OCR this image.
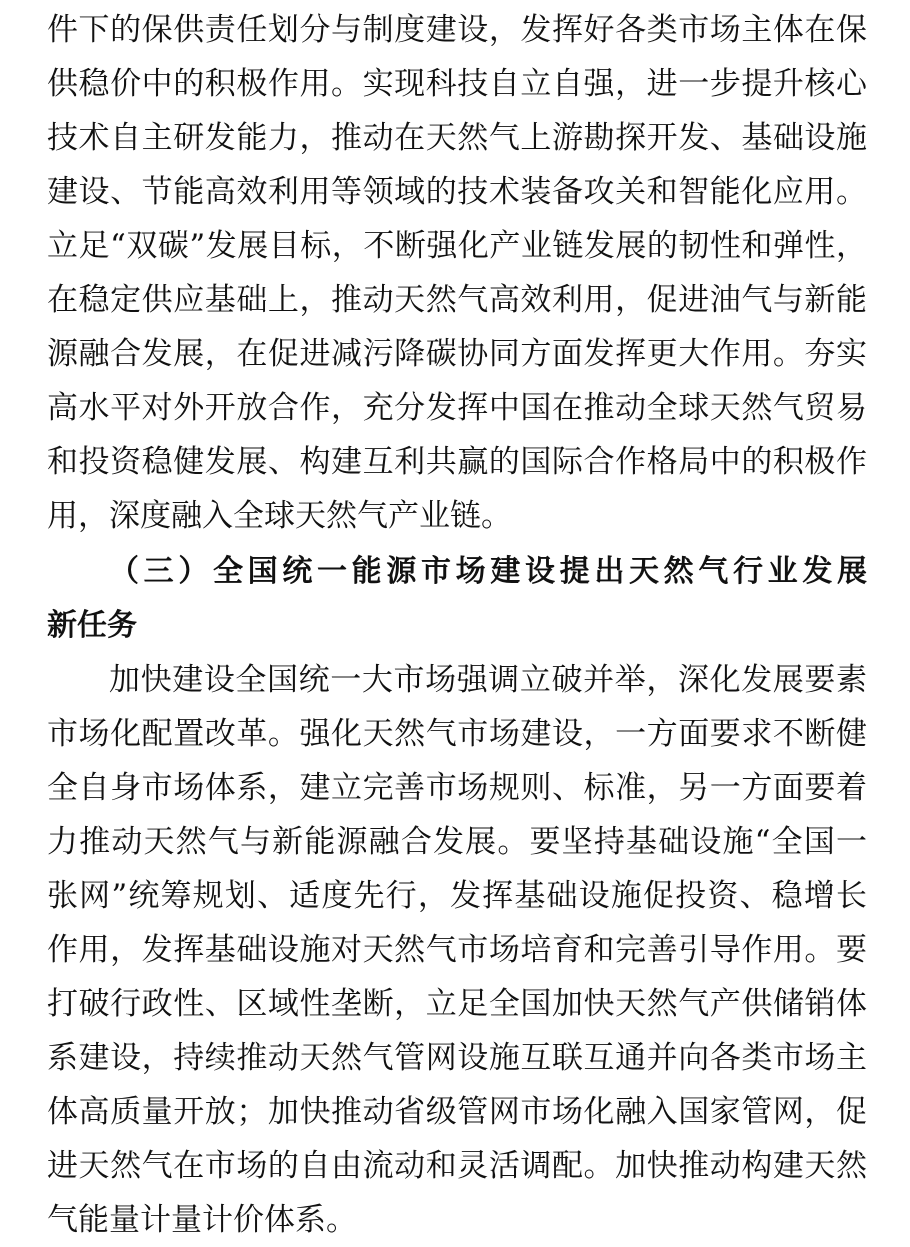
件下的保供责任划分与制度建设，发挥好各类市场主体在保
供稳价中的积极作用。实现科技自立自强，进一步提升核心
技术自主研发能力，推动在天然气上游勘探开发、基础设施
建设、节能高效利用等领域的技术装备攻关和智能化应用。
立足“双碳”发展目标，不断强化产业链发展的韧性和弹性，
在稳定供应基础上，推动天然气高效利用，促进油气与新能
源融合发展，在促进减污降碳协同方面发挥更大作用。夯实
高水平对外开放合作，充分发挥中国在推动全球天然气贸易
和投资稳健发展、构建互利共赢的国际合作格局中的积极作
用，深度融入全球天然气产业链。
（三）全国统一能源市场建设提出天然气行业发展
新任务
加快建设全国统一大市场强调立破并举，深化发展要素
市场化配置改革。强化天然气市场建设，一方面要求不断健
全自身市场体系，建立完善市场规则、标准，另一方面要着
力推动天然气与新能源融合发展。要坚持基础设施“全国一
张网”统筹规划、适度先行，发挥基础设施促投资、稳增长
作用，发挥基础设施对天然气市场培育和完善引导作用。要
打破行政性、区域性垄断，立足全国加快天然气产供储销体
系建设，持续推动天然气管网设施互联互通并向各类市场主
体高质量开放；加快推动省级管网市场化融入国家管网，促
进天然气在市场的自由流动和灵活调配。加快推动构建天然
气能量计量计价体系。
